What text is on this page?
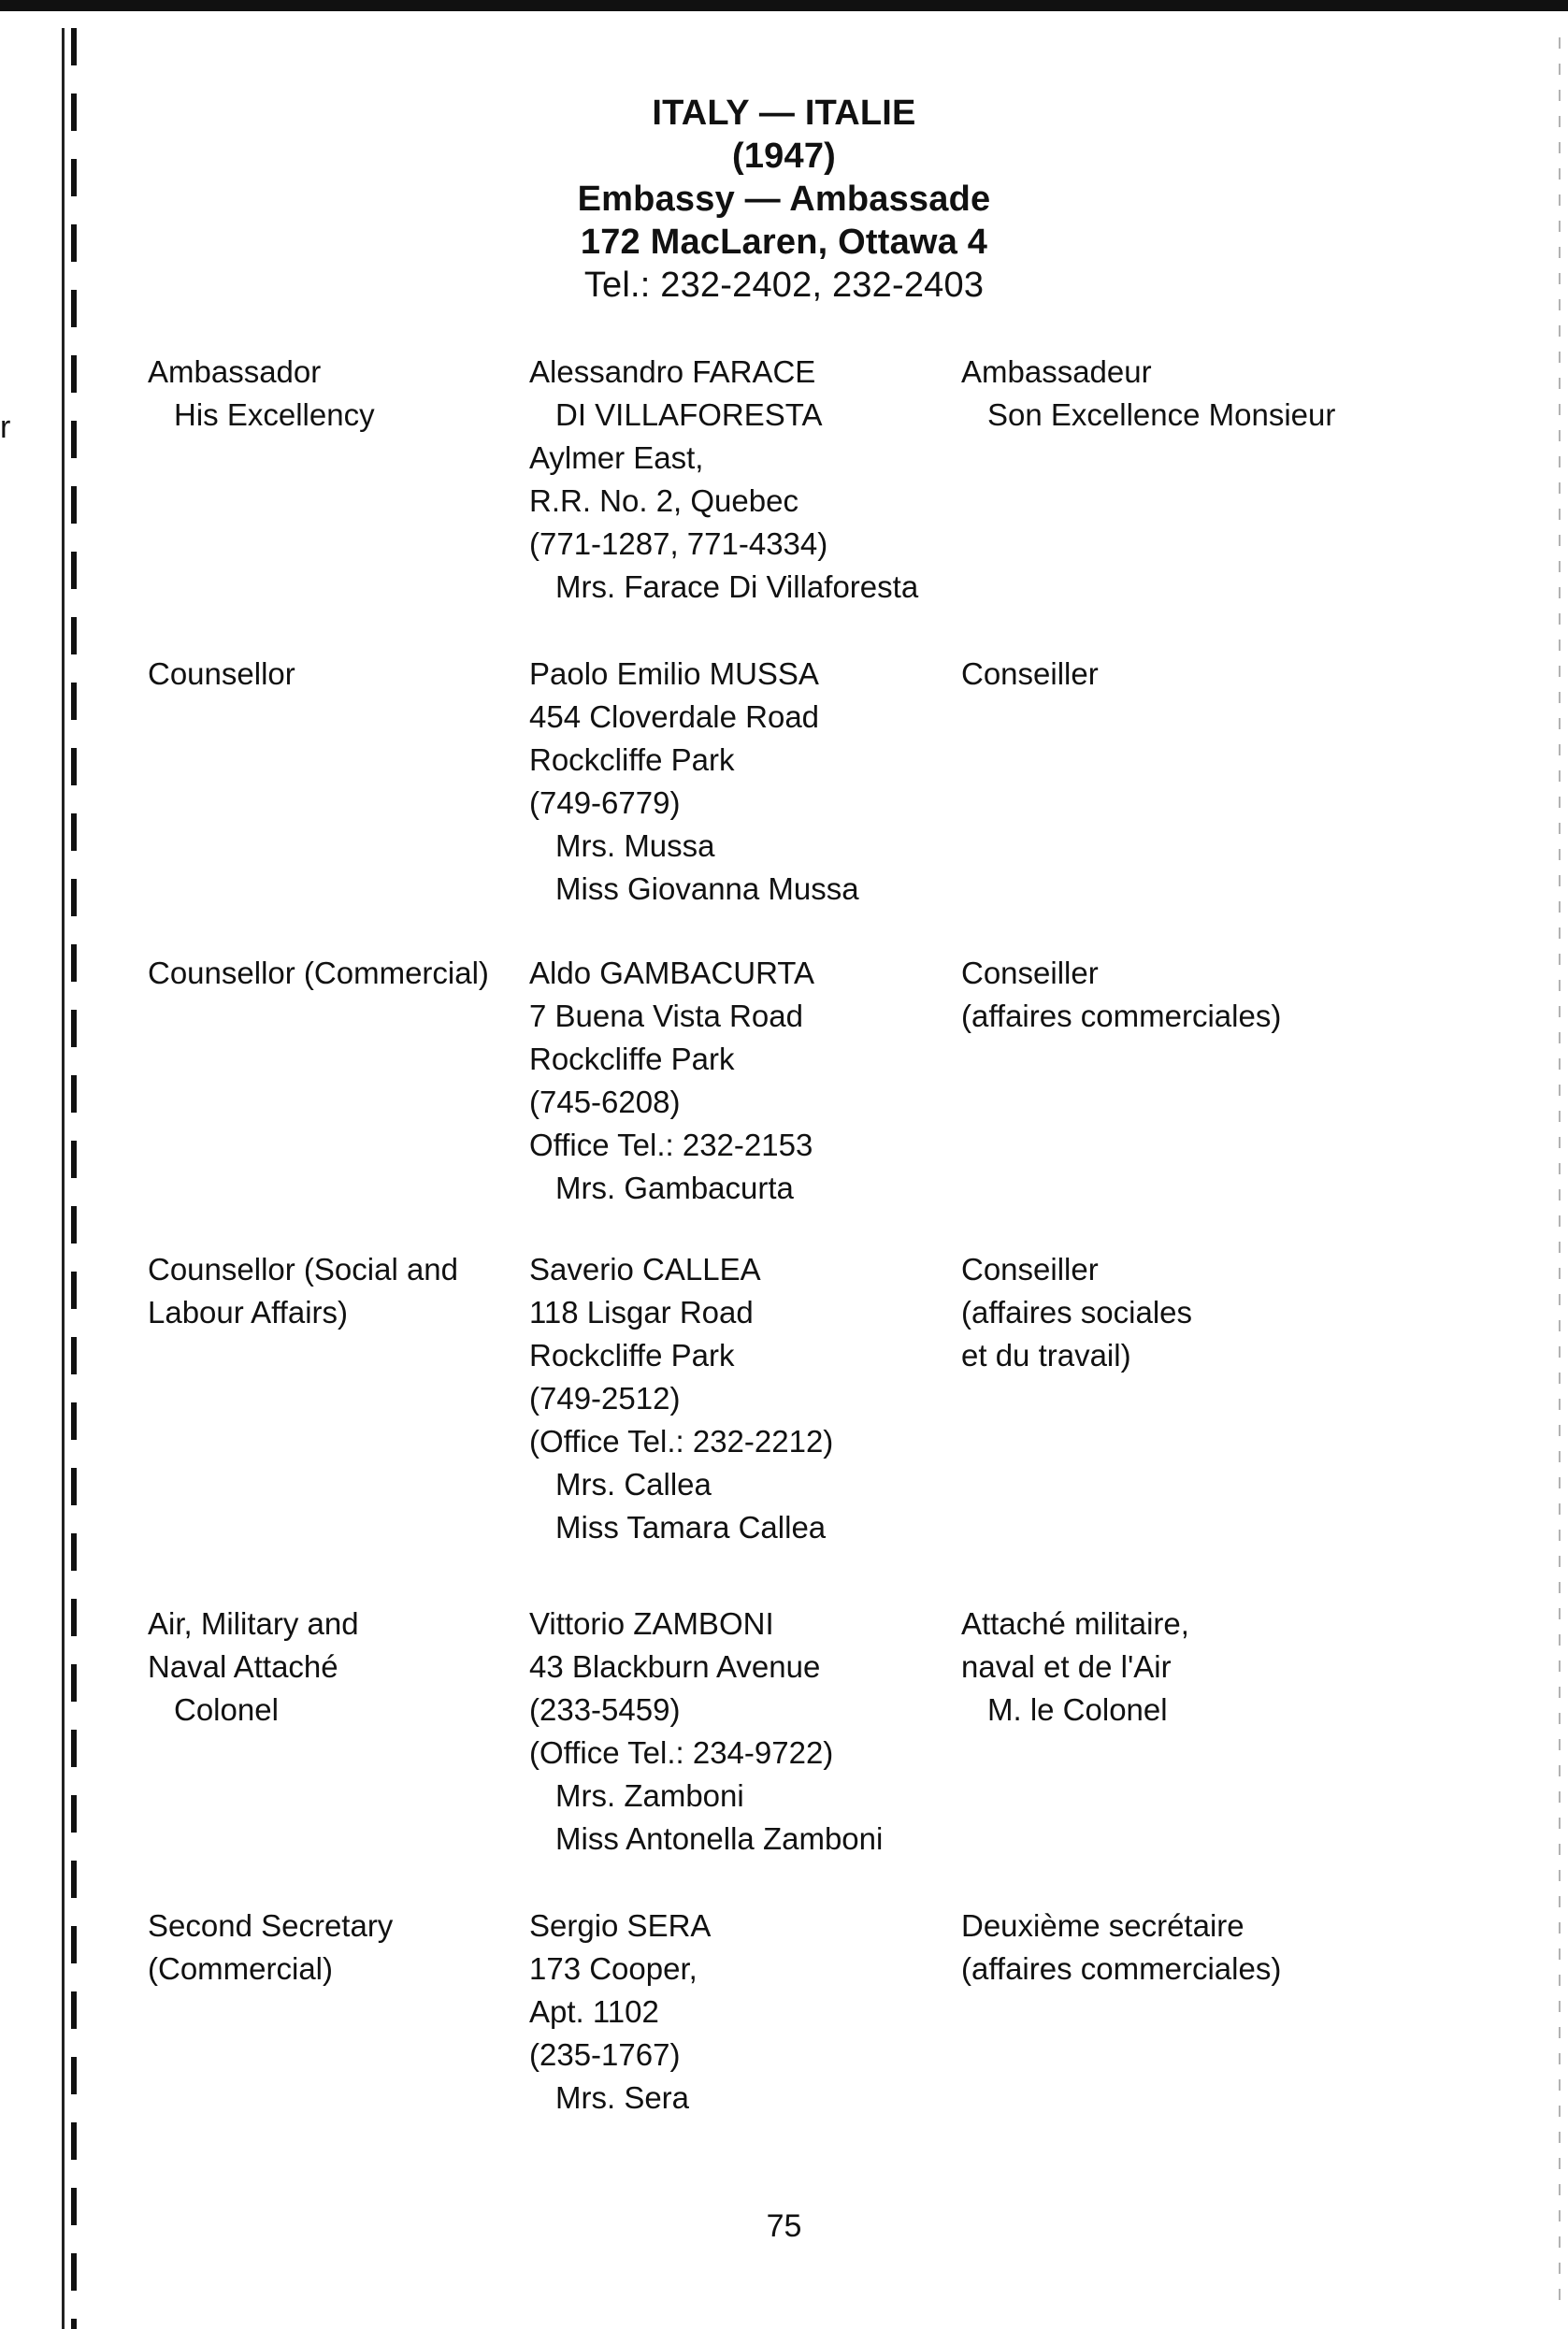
r
ITALY — ITALIE
(1947)
Embassy — Ambassade
172 MacLaren, Ottawa 4
Tel.: 232-2402, 232-2403
Ambassador
His Excellency
Alessandro FARACE
DI VILLAFORESTA
Aylmer East,
R.R. No. 2, Quebec
(771-1287, 771-4334)
Mrs. Farace Di Villaforesta
Ambassadeur
Son Excellence Monsieur
Counsellor	Paolo Emilio MUSSA
454 Cloverdale Road
Rockcliffe Park
(749-6779)
Mrs. Mussa
Miss Giovanna Mussa
Conseiller
Counsellor (Commercial) Aldo GAMBACURTA
7 Buena Vista Road
Rockcliffe Park
(745-6208)
Office Tel.: 232-2153
Mrs. Gambacurta
Conseiller
(affaires commerciales)
Counsellor (Social and
Labour Affairs)
Saverio CALLEA
118 Lisgar Road
Rockcliffe Park
(749-2512)
(Office Tel.: 232-2212)
Mrs. Callea
Miss Tamara Callea
Conseiller
(affaires sociales
et du travail)
Air, Military and
Naval Attaché
Colonel
Vittorio ZAMBONI
43 Blackburn Avenue
(233-5459)
(Office Tel.: 234-9722)
Mrs. Zamboni
Miss Antonella Zamboni
Attaché militaire,
naval et de l'Air
M. le Colonel
Second Secretary
(Commercial)
Sergio SERA
173 Cooper,
Apt. 1102
(235-1767)
Mrs. Sera
Deuxième secrétaire
(affaires commerciales)
75
